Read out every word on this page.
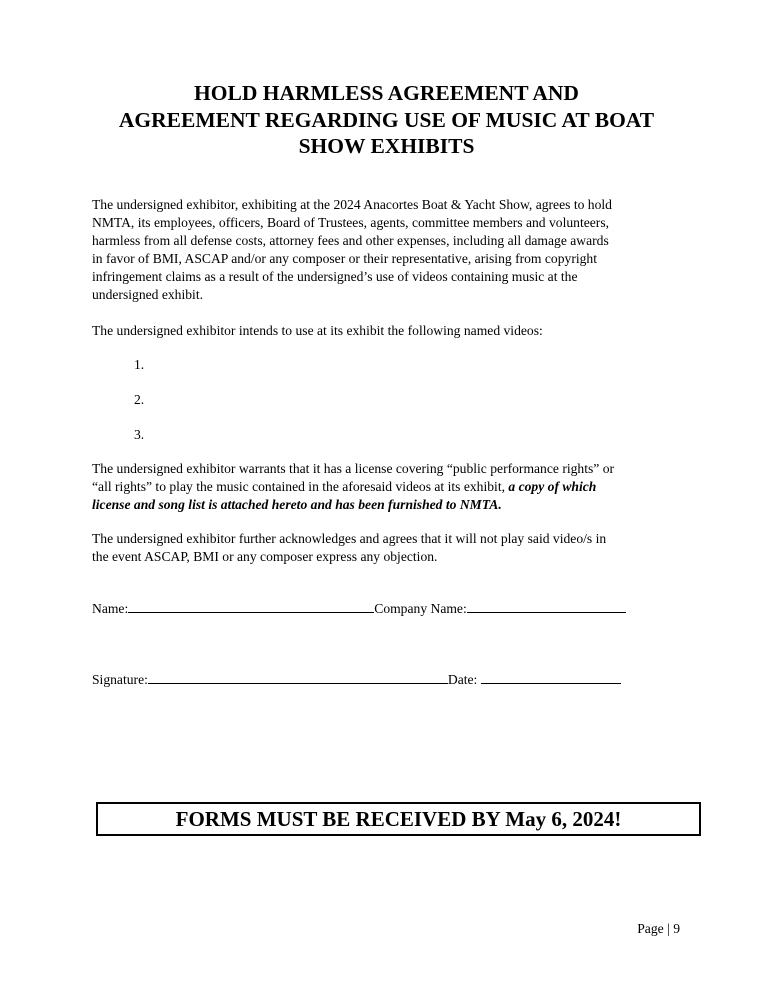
HOLD HARMLESS AGREEMENT AND
AGREEMENT REGARDING USE OF MUSIC AT BOAT
SHOW EXHIBITS

The undersigned exhibitor, exhibiting at the 2024 Anacortes Boat & Yacht Show, agrees to hold
NMTA, its employees, officers, Board of Trustees, agents, committee members and volunteers,
harmless from all defense costs, attorney fees and other expenses, including all damage awards
in favor of BMI, ASCAP and/or any composer or their representative, arising from copyright
infringement claims as a result of the undersigned’s use of videos containing music at the
undersigned exhibit.

The undersigned exhibitor intends to use at its exhibit the following named videos:

1.
2.
3.

The undersigned exhibitor warrants that it has a license covering “public performance rights” or
“all rights” to play the music contained in the aforesaid videos at its exhibit, a copy of which
license and song list is attached hereto and has been furnished to NMTA.

The undersigned exhibitor further acknowledges and agrees that it will not play said video/s in
the event ASCAP, BMI or any composer express any objection.

Name:	Company Name:
Signature:	Date:
FORMS MUST BE RECEIVED BY May 6, 2024!
Page | 9
